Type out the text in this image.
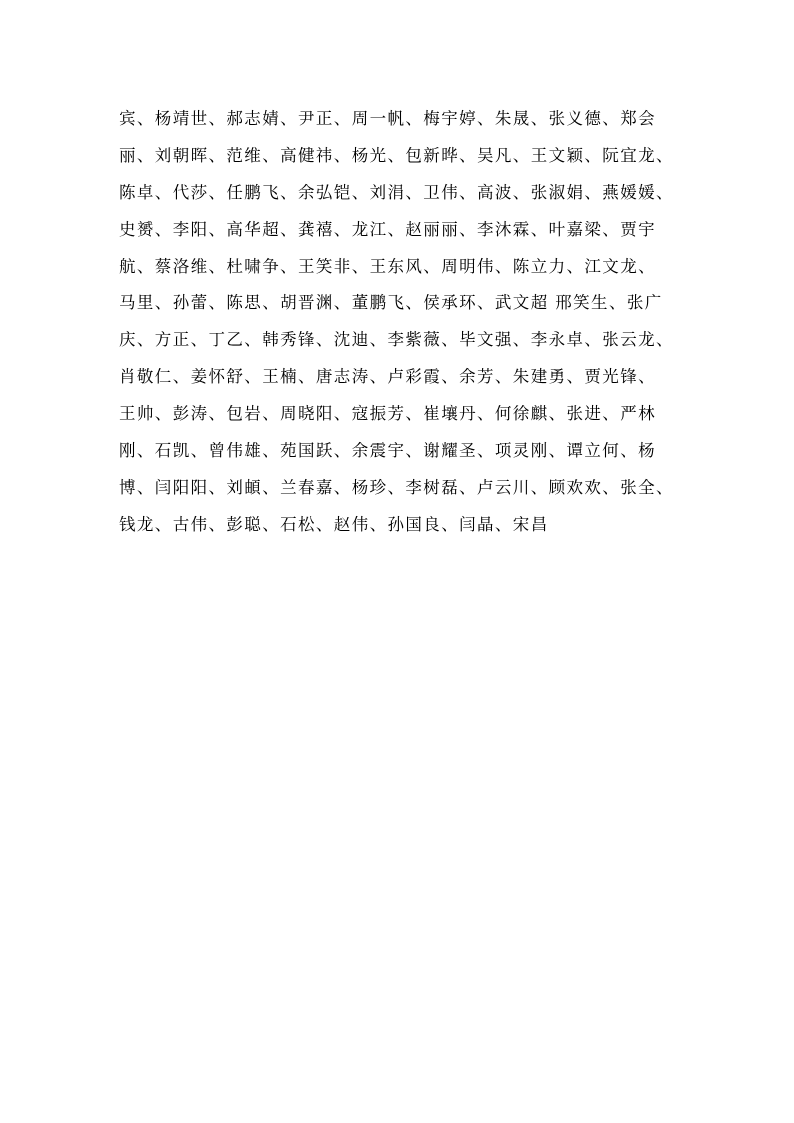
宾、杨靖世、郝志婧、尹正、周一帆、梅宇婷、朱晟、张义德、郑会
丽、刘朝晖、范维、高健祎、杨光、包新晔、吴凡、王文颖、阮宜龙、
陈卓、代莎、任鹏飞、余弘铠、刘涓、卫伟、高波、张淑娟、燕媛媛、
史赟、李阳、高华超、龚禧、龙江、赵丽丽、李沐霖、叶嘉梁、贾宇
航、蔡洛维、杜啸争、王笑非、王东风、周明伟、陈立力、江文龙、
马里、孙蕾、陈思、胡晋渊、董鹏飞、侯承环、武文超 邢笑生、张广
庆、方正、丁乙、韩秀锋、沈迪、李紫薇、毕文强、李永卓、张云龙、
肖敬仁、姜怀舒、王楠、唐志涛、卢彩霞、余芳、朱建勇、贾光锋、
王帅、彭涛、包岩、周晓阳、寇振芳、崔壤丹、何徐麒、张进、严林
刚、石凯、曾伟雄、苑国跃、余震宇、谢耀圣、项灵刚、谭立何、杨
博、闫阳阳、刘頔、兰春嘉、杨珍、李树磊、卢云川、顾欢欢、张全、
钱龙、古伟、彭聪、石松、赵伟、孙国良、闫晶、宋昌
